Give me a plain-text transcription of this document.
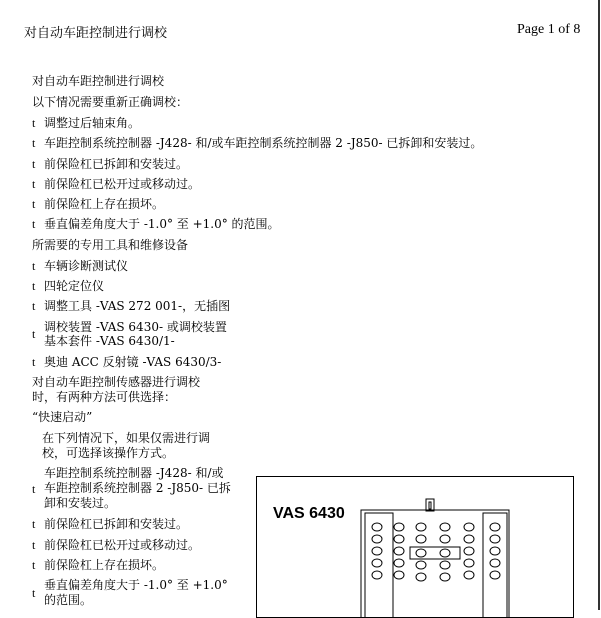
对自动车距控制进行调校	Page 1 of 8
对自动车距控制进行调校
以下情况需要重新正确调校：
t 调整过后轴束角。
t 车距控制系统控制器 -J428- 和/或车距控制系统控制器 2 -J850- 已拆卸和安装过。
t 前保险杠已拆卸和安装过。
t 前保险杠已松开过或移动过。
t 前保险杠上存在损坏。
t 垂直偏差角度大于 -1.0° 至 +1.0° 的范围。
所需要的专用工具和维修设备
t 车辆诊断测试仪
t 四轮定位仪
t 调整工具 -VAS 272 001-，无插图
t 调校装置 -VAS 6430- 或调校装置
基本套件 -VAS 6430/1-
t 奥迪 ACC 反射镜 -VAS 6430/3-
对自动车距控制传感器进行调校
时，有两种方法可供选择：
“快速启动”
在下列情况下，如果仅需进行调
校，可选择该操作方式。
t
车距控制系统控制器 -J428- 和/或
车距控制系统控制器 2 -J850- 已拆
卸和安装过。
t 前保险杠已拆卸和安装过。
t 前保险杠已松开过或移动过。
t 前保险杠上存在损坏。
t
垂直偏差角度大于 -1.0° 至 +1.0°
的范围。
VAS 6430
